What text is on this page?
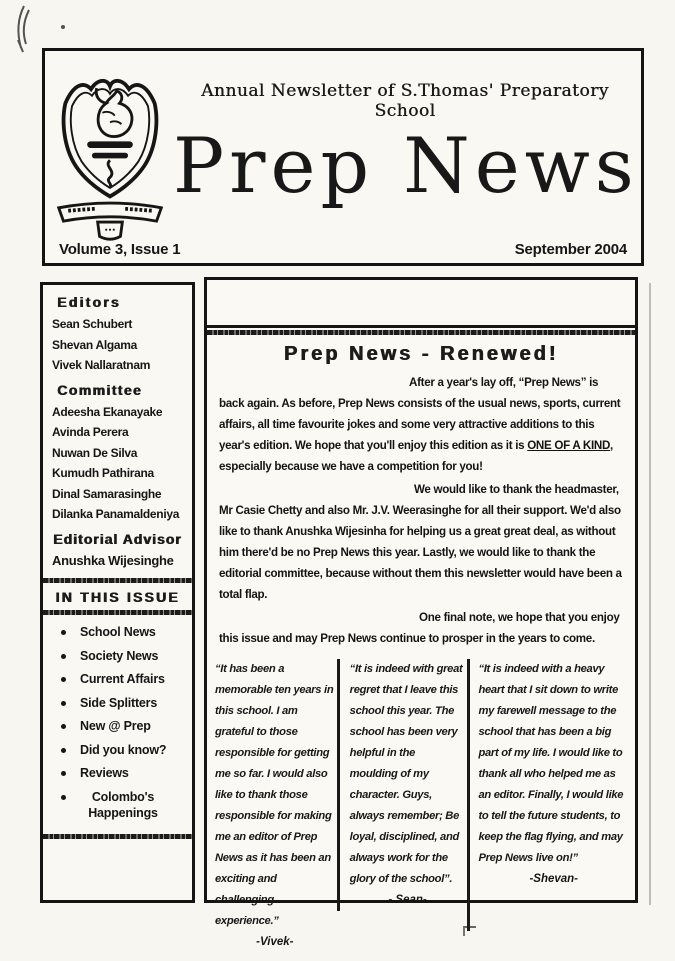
Annual Newsletter of S.Thomas' Preparatory School
Prep News
Volume 3, Issue 1	September 2004
Editors
Sean Schubert
Shevan Algama
Vivek Nallaratnam
Committee
Adeesha Ekanayake
Avinda Perera
Nuwan De Silva
Kumudh Pathirana
Dinal Samarasinghe
Dilanka Panamaldeniya
Editorial Advisor
Anushka Wijesinghe
IN THIS ISSUE
School News
Society News
Current Affairs
Side Splitters
New @ Prep
Did you know?
Reviews
Colombo's Happenings
Prep News - Renewed!

After a year's lay off, “Prep News” is back again. As before, Prep News consists of the usual news, sports, current affairs, all time favourite jokes and some very attractive additions to this year's edition. We hope that you'll enjoy this edition as it is ONE OF A KIND, especially because we have a competition for you!

We would like to thank the headmaster, Mr Casie Chetty and also Mr. J.V. Weerasinghe for all their support. We'd also like to thank Anushka Wijesinha for helping us a great great deal, as without him there'd be no Prep News this year. Lastly, we would like to thank the editorial committee, because without them this newsletter would have been a total flap.

One final note, we hope that you enjoy this issue and may Prep News continue to prosper in the years to come.

“It has been a memorable ten years in this school. I am grateful to those responsible for getting me so far. I would also like to thank those responsible for making me an editor of Prep News as it has been an exciting and challenging experience.”

-Vivek-

“It is indeed with great regret that I leave this school this year. The school has been very helpful in the moulding of my character. Guys, always remember; Be loyal, disciplined, and always work for the glory of the school”.

- Sean-

“It is indeed with a heavy heart that I sit down to write my farewell message to the school that has been a big part of my life. I would like to thank all who helped me as an editor. Finally, I would like to tell the future students, to keep the flag flying, and may Prep News live on!”

-Shevan-
